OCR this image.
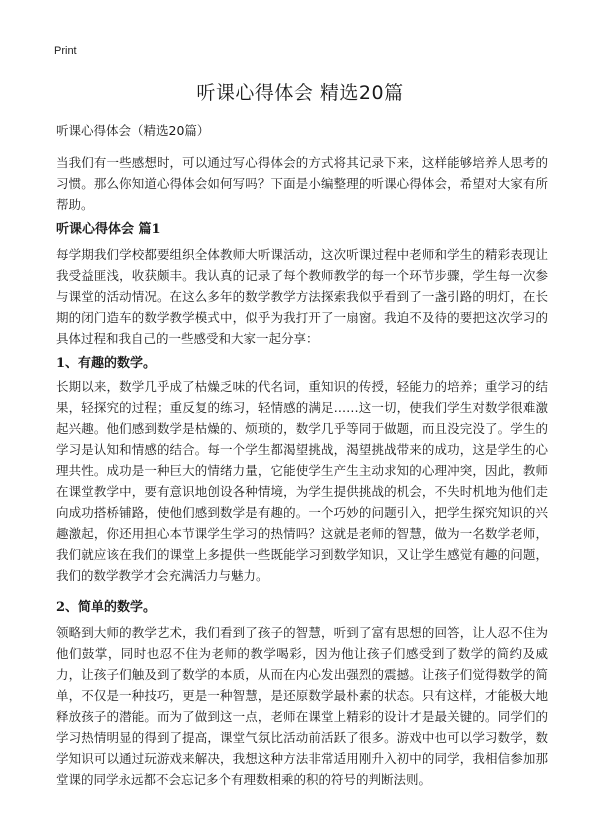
Print
听课心得体会 精选20篇
听课心得体会（精选20篇）

当我们有一些感想时，可以通过写心得体会的方式将其记录下来，这样能够培养人思考的习惯。那么你知道心得体会如何写吗？下面是小编整理的听课心得体会，希望对大家有所帮助。

听课心得体会 篇1

每学期我们学校都要组织全体教师大听课活动，这次听课过程中老师和学生的精彩表现让我受益匪浅，收获颇丰。我认真的记录了每个教师教学的每一个环节步骤，学生每一次参与课堂的活动情况。在这么多年的数学教学方法探索我似乎看到了一盏引路的明灯，在长期的闭门造车的数学教学模式中，似乎为我打开了一扇窗。我迫不及待的要把这次学习的具体过程和我自己的一些感受和大家一起分享：

1、有趣的数学。

长期以来，数学几乎成了枯燥乏味的代名词，重知识的传授，轻能力的培养；重学习的结果，轻探究的过程；重反复的练习，轻情感的满足……这一切，使我们学生对数学很难激起兴趣。他们感到数学是枯燥的、烦琐的，数学几乎等同于做题，而且没完没了。学生的学习是认知和情感的结合。每一个学生都渴望挑战，渴望挑战带来的成功，这是学生的心理共性。成功是一种巨大的情绪力量，它能使学生产生主动求知的心理冲突，因此，教师在课堂教学中，要有意识地创设各种情境，为学生提供挑战的机会，不失时机地为他们走向成功搭桥铺路，使他们感到数学是有趣的。一个巧妙的问题引入，把学生探究知识的兴趣激起，你还用担心本节课学生学习的热情吗？这就是老师的智慧，做为一名数学老师，我们就应该在我们的课堂上多提供一些既能学习到数学知识，又让学生感觉有趣的问题，我们的数学教学才会充满活力与魅力。

2、简单的数学。

领略到大师的教学艺术，我们看到了孩子的智慧，听到了富有思想的回答，让人忍不住为他们鼓掌，同时也忍不住为老师的教学喝彩，因为他让孩子们感受到了数学的简约及威力，让孩子们触及到了数学的本质，从而在内心发出强烈的震撼。让孩子们觉得数学的简单，不仅是一种技巧，更是一种智慧，是还原数学最朴素的状态。只有这样，才能极大地释放孩子的潜能。而为了做到这一点，老师在课堂上精彩的设计才是最关键的。同学们的学习热情明显的得到了提高，课堂气氛比活动前活跃了很多。游戏中也可以学习数学，数学知识可以通过玩游戏来解决，我想这种方法非常适用刚升入初中的同学，我相信参加那堂课的同学永远都不会忘记多个有理数相乘的积的符号的判断法则。
